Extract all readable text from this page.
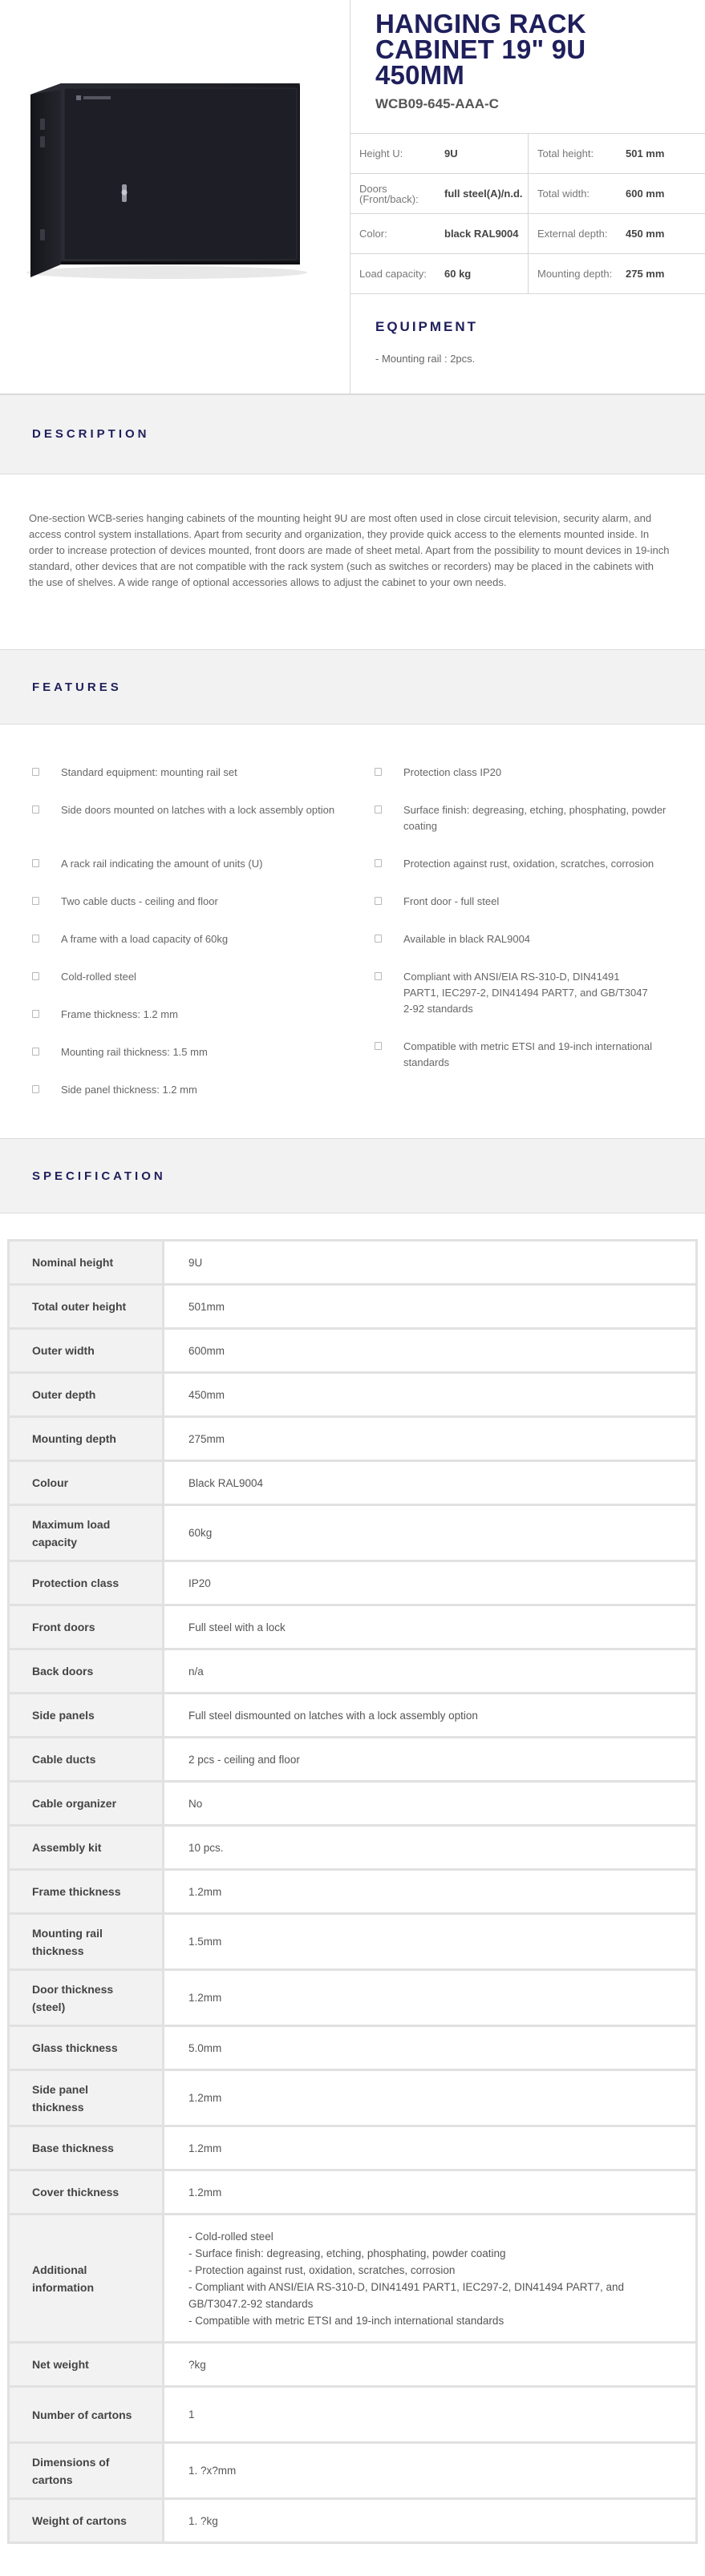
HANGING RACK CABINET 19" 9U 450MM
WCB09-645-AAA-C
Height U:	9U	Total height:	501 mm
Doors (Front/back):	full steel(A)/n.d. Total width:	600 mm
Color:	black RAL9004 External depth:	450 mm
Load capacity:	60 kg	Mounting depth:	275 mm
EQUIPMENT
- Mounting rail : 2pcs.
DESCRIPTION

One-section WCB-series hanging cabinets of the mounting height 9U are most often used in close circuit television, security alarm, and access control system installations. Apart from security and organization, they provide quick access to the elements mounted inside. In order to increase protection of devices mounted, front doors are made of sheet metal. Apart from the possibility to mount devices in 19-inch standard, other devices that are not compatible with the rack system (such as switches or recorders) may be placed in the cabinets with the use of shelves. A wide range of optional accessories allows to adjust the cabinet to your own needs.

FEATURES
Standard equipment: mounting rail set
Side doors mounted on latches with a lock assembly option
A rack rail indicating the amount of units (U)
Two cable ducts - ceiling and floor
A frame with a load capacity of 60kg
Cold-rolled steel
Frame thickness: 1.2 mm
Mounting rail thickness: 1.5 mm
Side panel thickness: 1.2 mm
Protection class IP20
Surface finish: degreasing, etching, phosphating, powder coating
Protection against rust, oxidation, scratches, corrosion
Front door - full steel
Available in black RAL9004
Compliant with ANSI/EIA RS-310-D, DIN41491 PART1, IEC297-2, DIN41494 PART7, and GB/T3047 2-92 standards
Compatible with metric ETSI and 19-inch international standards
SPECIFICATION
Nominal height	9U
Total outer height	501mm
Outer width	600mm
Outer depth	450mm
Mounting depth	275mm
Colour	Black RAL9004
Maximum load capacity	60kg
Protection class	IP20
Front doors	Full steel with a lock
Back doors	n/a
Side panels	Full steel dismounted on latches with a lock assembly option
Cable ducts	2 pcs - ceiling and floor
Cable organizer	No
Assembly kit	10 pcs.
Frame thickness	1.2mm
Mounting rail thickness	1.5mm
Door thickness (steel)	1.2mm
Glass thickness	5.0mm
Side panel thickness	1.2mm
Base thickness	1.2mm
Cover thickness	1.2mm
Additional information	- Cold-rolled steel
- Surface finish: degreasing, etching, phosphating, powder coating
- Protection against rust, oxidation, scratches, corrosion
- Compliant with ANSI/EIA RS-310-D, DIN41491 PART1, IEC297-2, DIN41494 PART7, and GB/T3047.2-92 standards
- Compatible with metric ETSI and 19-inch international standards

Net weight	?kg
Number of cartons	1
Dimensions of cartons	1. ?x?mm
Weight of cartons	1. ?kg
